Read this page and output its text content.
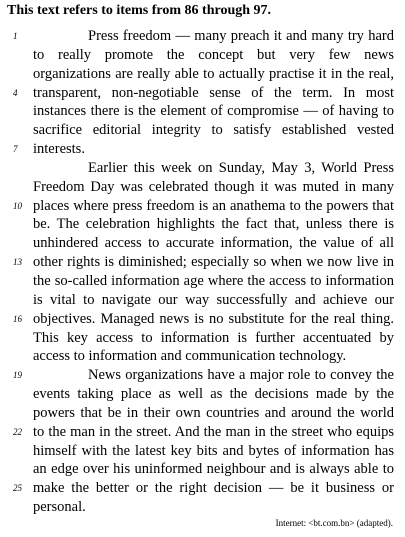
This text refers to items from 86 through 97.
1	Press freedom — many preach it and many try hard
to really promote the concept but very few news
organizations are really able to actually practise it in the real,
4	transparent, non-negotiable sense of the term. In most
instances there is the element of compromise — of having to
sacrifice editorial integrity to satisfy established vested
7	interests.
Earlier this week on Sunday, May 3, World Press
Freedom Day was celebrated though it was muted in many
10 places where press freedom is an anathema to the powers that
be. The celebration highlights the fact that, unless there is
unhindered access to accurate information, the value of all
13 other rights is diminished; especially so when we now live in
the so-called information age where the access to information
is vital to navigate our way successfully and achieve our
16 objectives. Managed news is no substitute for the real thing.
This key access to information is further accentuated by
access to information and communication technology.
19	News organizations have a major role to convey the
events taking place as well as the decisions made by the
powers that be in their own countries and around the world
22 to the man in the street. And the man in the street who equips
himself with the latest key bits and bytes of information has
an edge over his uninformed neighbour and is always able to
25 make the better or the right decision — be it business or
personal.
Internet: <bt.com.bn> (adapted).
